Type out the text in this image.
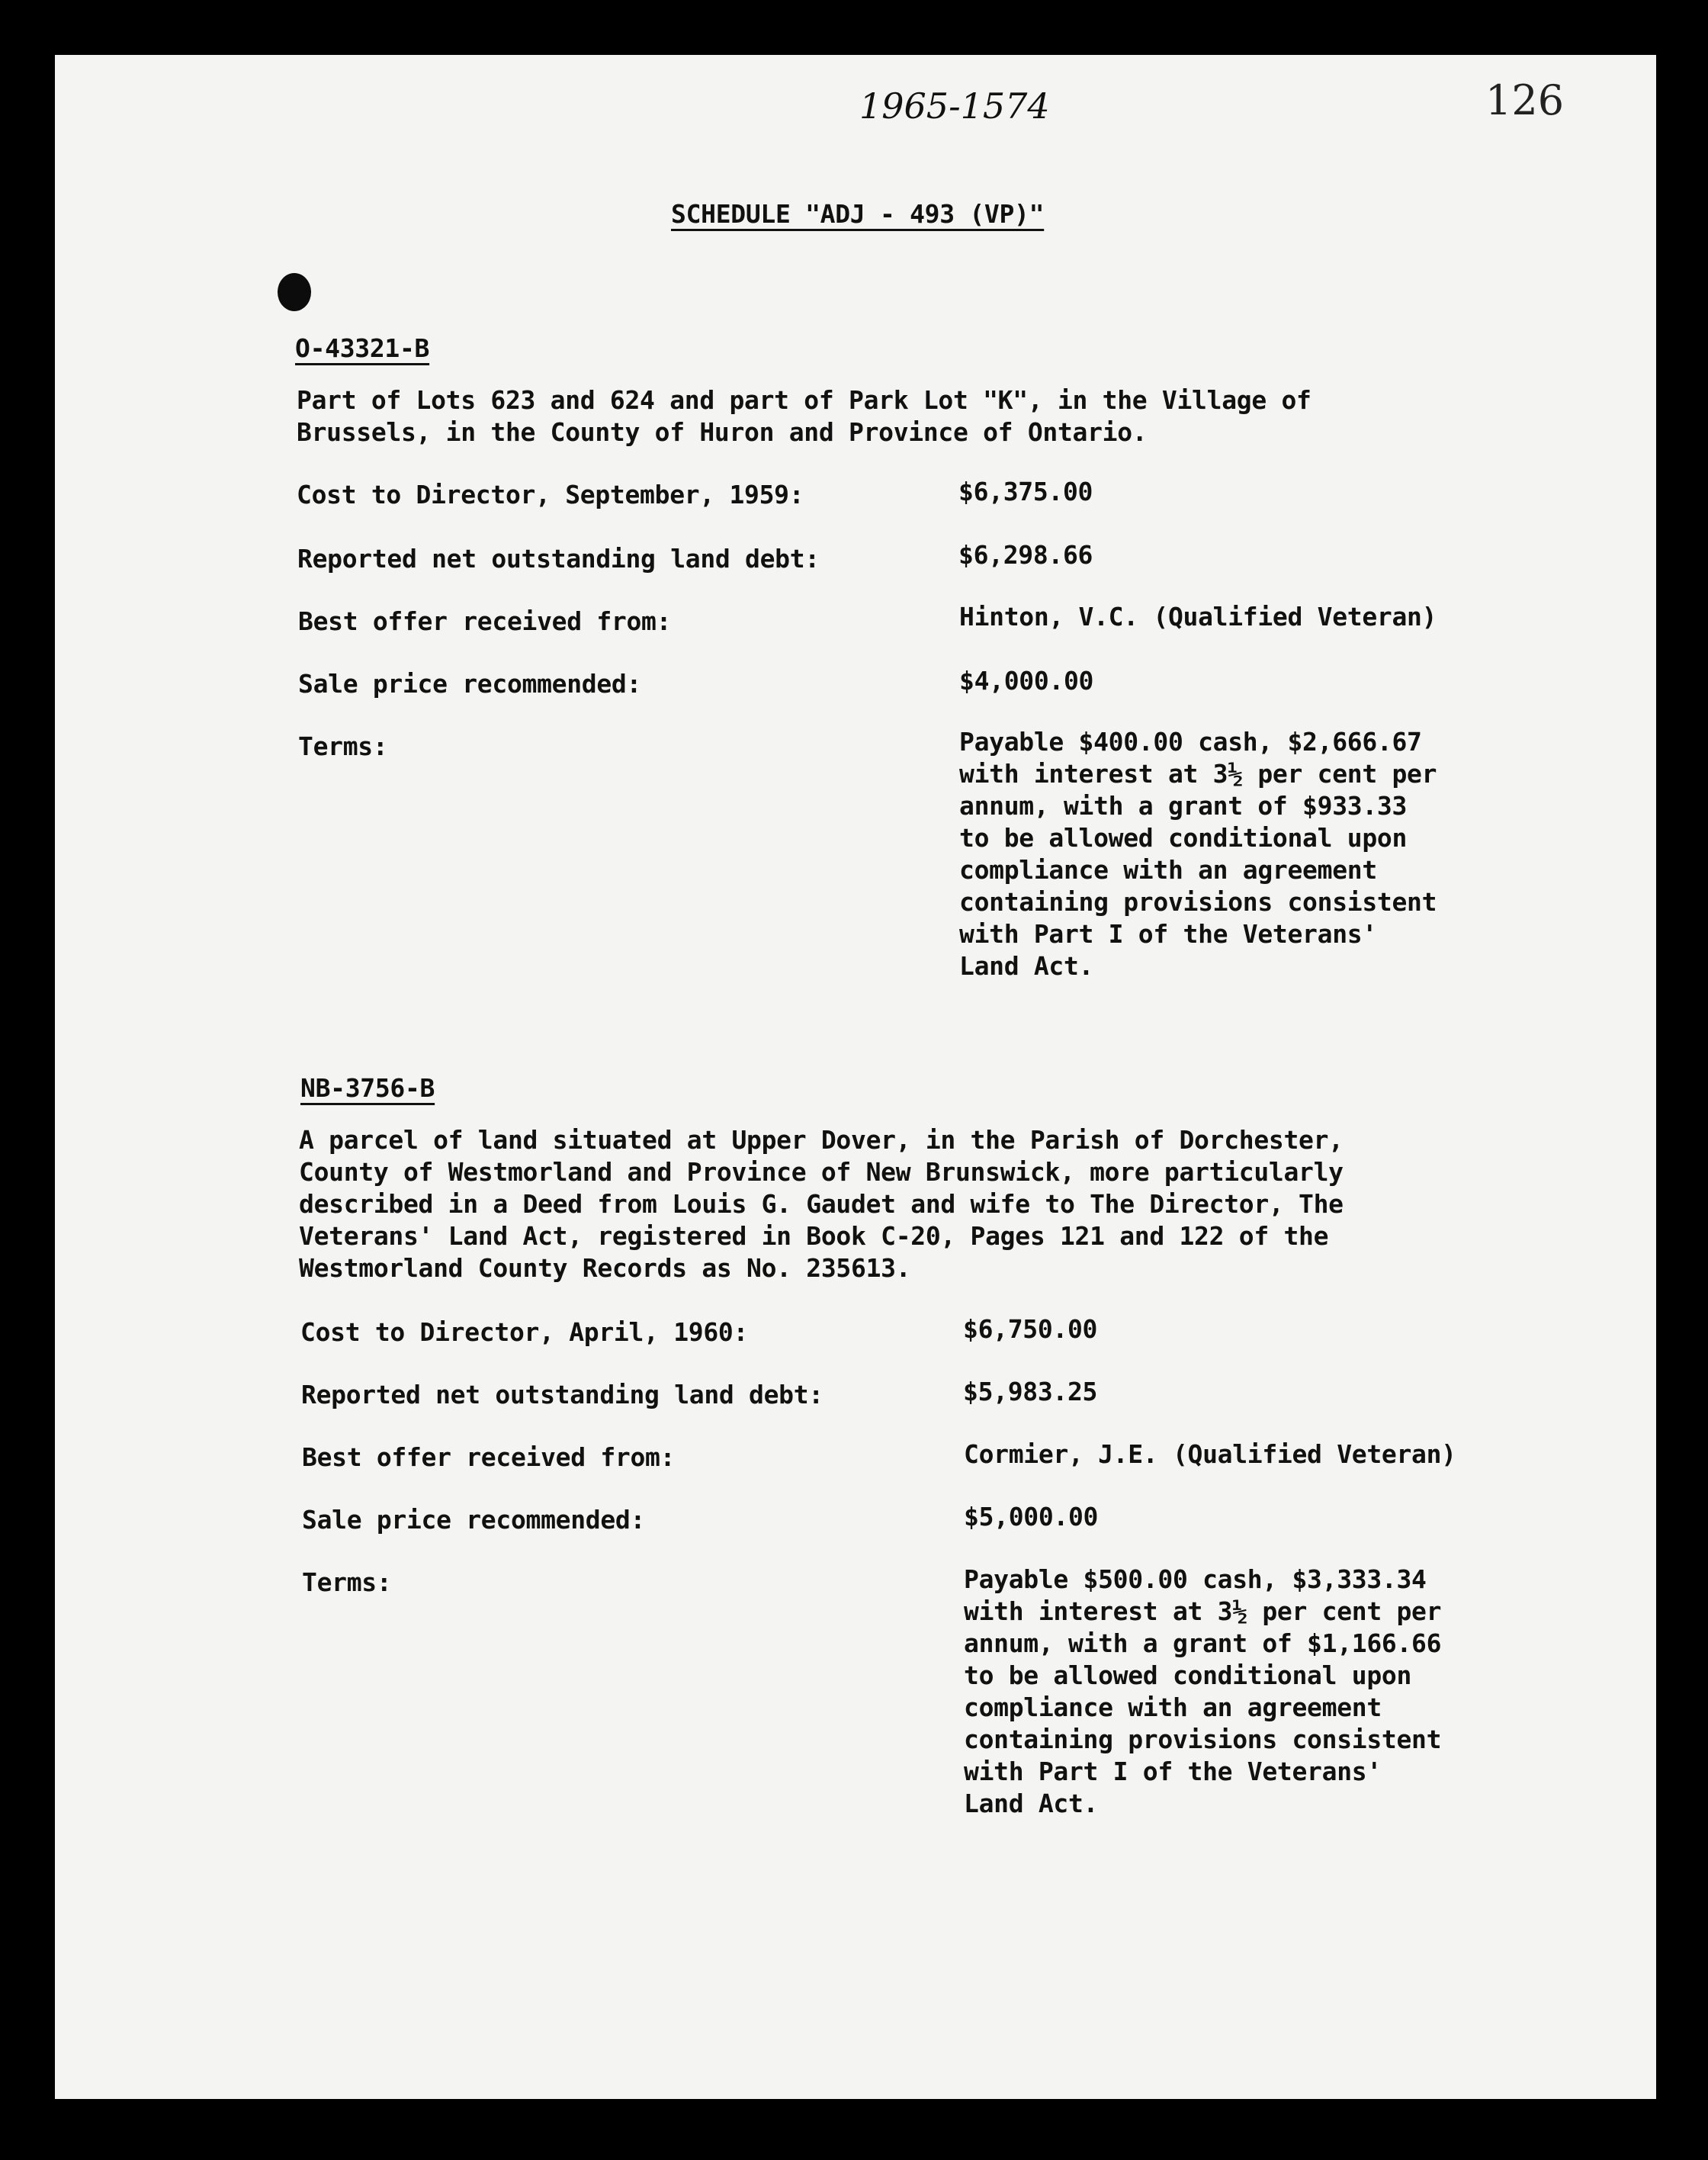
1965-1574	126
SCHEDULE "ADJ - 493 (VP)"
O-43321-B
Part of Lots 623 and 624 and part of Park Lot "K", in the Village of
Brussels, in the County of Huron and Province of Ontario.
Cost to Director, September, 1959:	$6,375.00
Reported net outstanding land debt:	$6,298.66
Best offer received from:	Hinton, V.C. (Qualified Veteran)
Sale price recommended:	$4,000.00
Terms:	Payable $400.00 cash, $2,666.67
with interest at 3½ per cent per
annum, with a grant of $933.33
to be allowed conditional upon
compliance with an agreement
containing provisions consistent
with Part I of the Veterans'
Land Act.
NB-3756-B
A parcel of land situated at Upper Dover, in the Parish of Dorchester,
County of Westmorland and Province of New Brunswick, more particularly
described in a Deed from Louis G. Gaudet and wife to The Director, The
Veterans' Land Act, registered in Book C-20, Pages 121 and 122 of the
Westmorland County Records as No. 235613.
Cost to Director, April, 1960:	$6,750.00
Reported net outstanding land debt:	$5,983.25
Best offer received from:	Cormier, J.E. (Qualified Veteran)
Sale price recommended:	$5,000.00
Terms:	Payable $500.00 cash, $3,333.34
with interest at 3½ per cent per
annum, with a grant of $1,166.66
to be allowed conditional upon
compliance with an agreement
containing provisions consistent
with Part I of the Veterans'
Land Act.
